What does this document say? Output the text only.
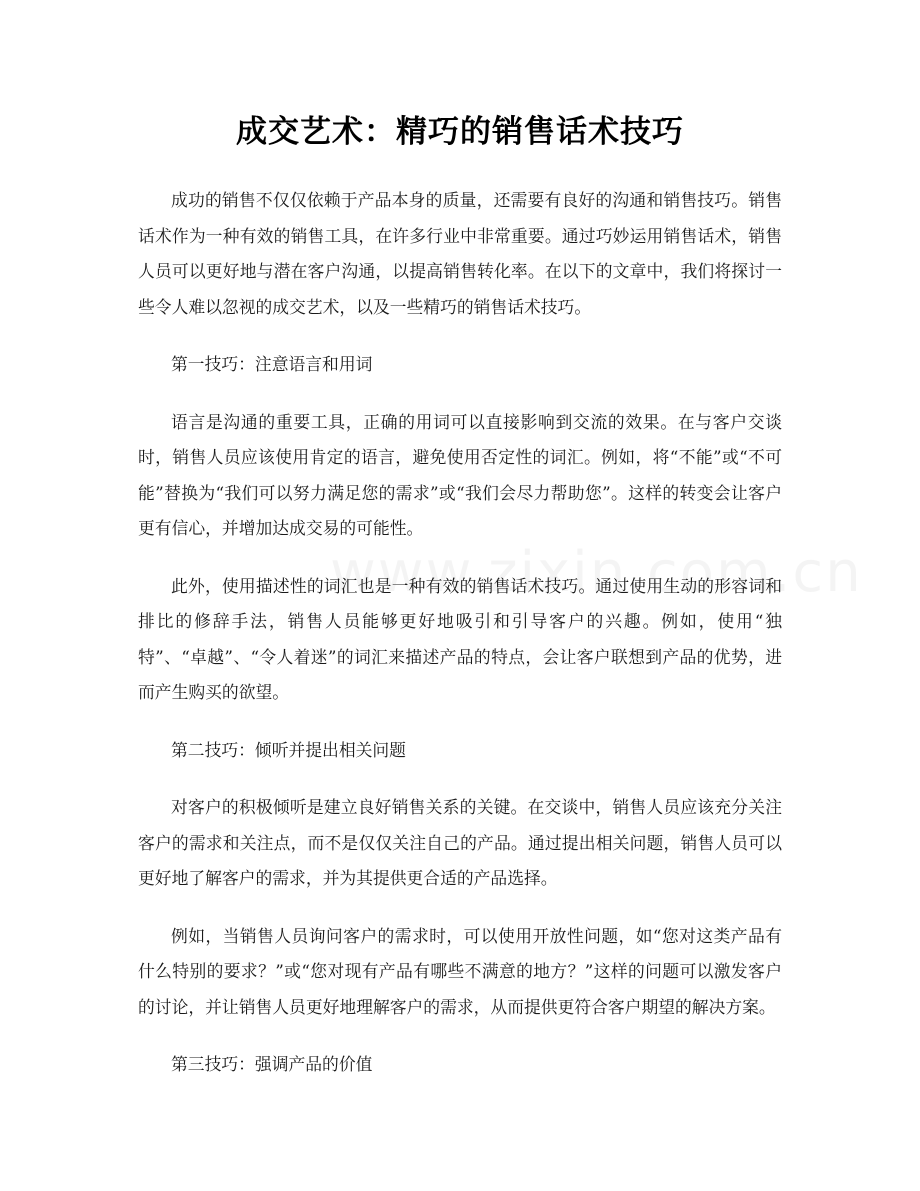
成交艺术：精巧的销售话术技巧

成功的销售不仅仅依赖于产品本身的质量，还需要有良好的沟通和销售技巧。销售话术作为一种有效的销售工具，在许多行业中非常重要。通过巧妙运用销售话术，销售人员可以更好地与潜在客户沟通，以提高销售转化率。在以下的文章中，我们将探讨一些令人难以忽视的成交艺术，以及一些精巧的销售话术技巧。

第一技巧：注意语言和用词

语言是沟通的重要工具，正确的用词可以直接影响到交流的效果。在与客户交谈时，销售人员应该使用肯定的语言，避免使用否定性的词汇。例如，将“不能”或“不可能”替换为“我们可以努力满足您的需求”或“我们会尽力帮助您”。这样的转变会让客户更有信心，并增加达成交易的可能性。

此外，使用描述性的词汇也是一种有效的销售话术技巧。通过使用生动的形容词和排比的修辞手法，销售人员能够更好地吸引和引导客户的兴趣。例如，使用“独特”、“卓越”、“令人着迷”的词汇来描述产品的特点，会让客户联想到产品的优势，进而产生购买的欲望。

第二技巧：倾听并提出相关问题

对客户的积极倾听是建立良好销售关系的关键。在交谈中，销售人员应该充分关注客户的需求和关注点，而不是仅仅关注自己的产品。通过提出相关问题，销售人员可以更好地了解客户的需求，并为其提供更合适的产品选择。

例如，当销售人员询问客户的需求时，可以使用开放性问题，如“您对这类产品有什么特别的要求？”或“您对现有产品有哪些不满意的地方？”这样的问题可以激发客户的讨论，并让销售人员更好地理解客户的需求，从而提供更符合客户期望的解决方案。

第三技巧：强调产品的价值
